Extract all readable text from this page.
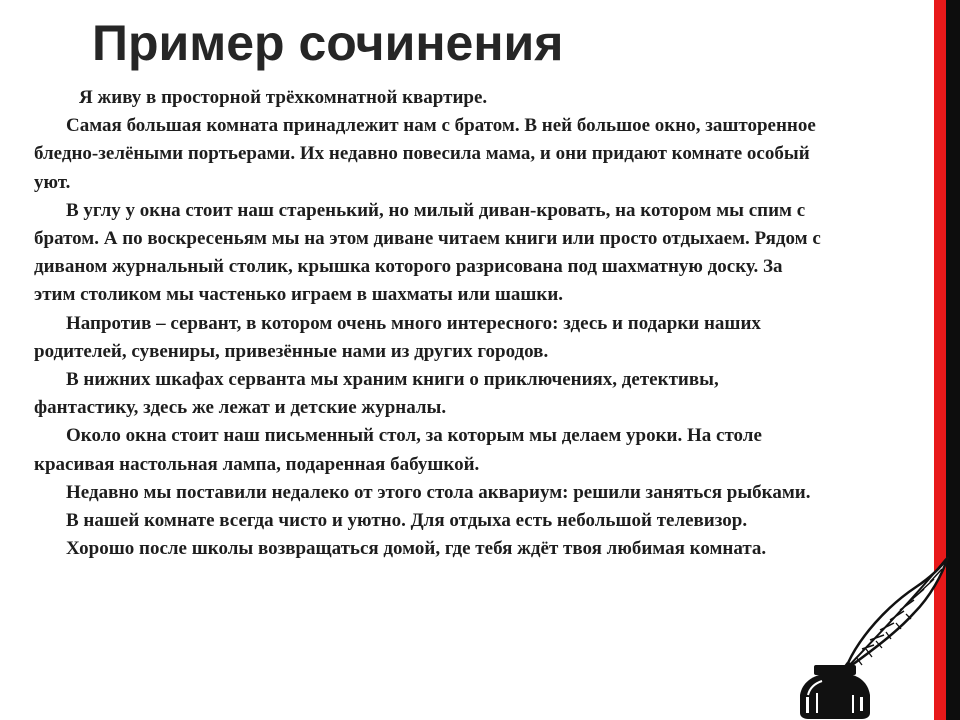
Пример сочинения

Я живу в просторной трёхкомнатной квартире.

Самая большая комната принадлежит нам с братом. В ней большое окно, зашторенное бледно-зелёными портьерами. Их недавно повесила мама, и они придают комнате особый уют.

В углу у окна стоит наш старенький, но милый диван-кровать, на котором мы спим с братом. А по воскресеньям мы на этом диване читаем книги или просто отдыхаем. Рядом с диваном журнальный столик, крышка которого разрисована под шахматную доску. За этим столиком мы частенько играем в шахматы или шашки.

Напротив – сервант, в котором очень много интересного: здесь и подарки наших родителей, сувениры, привезённые нами из других городов.

В нижних шкафах серванта мы храним книги о приключениях, детективы, фантастику, здесь же лежат и детские журналы.

Около окна стоит наш письменный стол, за которым мы делаем уроки. На столе красивая настольная лампа, подаренная бабушкой.

Недавно мы поставили недалеко от этого стола аквариум: решили заняться рыбками.

В нашей комнате всегда чисто и уютно. Для отдыха есть небольшой телевизор.

Хорошо после школы возвращаться домой, где тебя ждёт твоя любимая комната.
